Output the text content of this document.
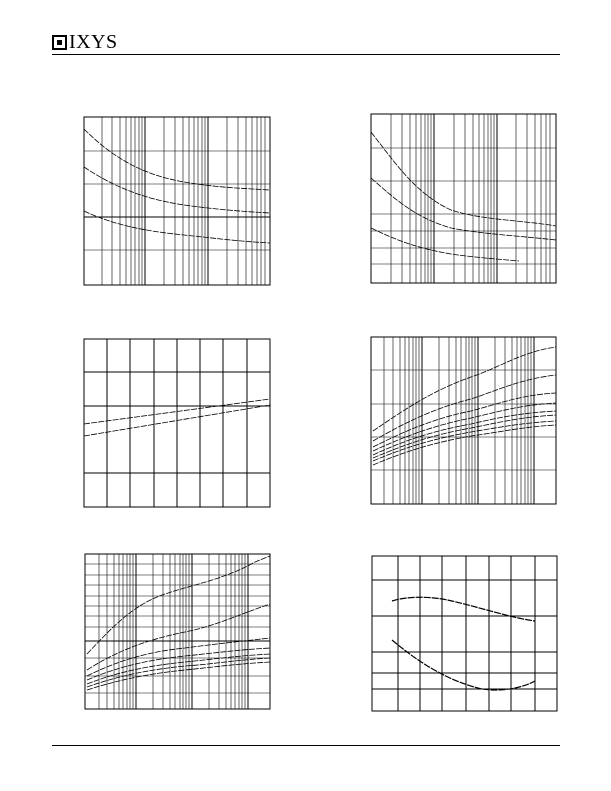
IXYS
